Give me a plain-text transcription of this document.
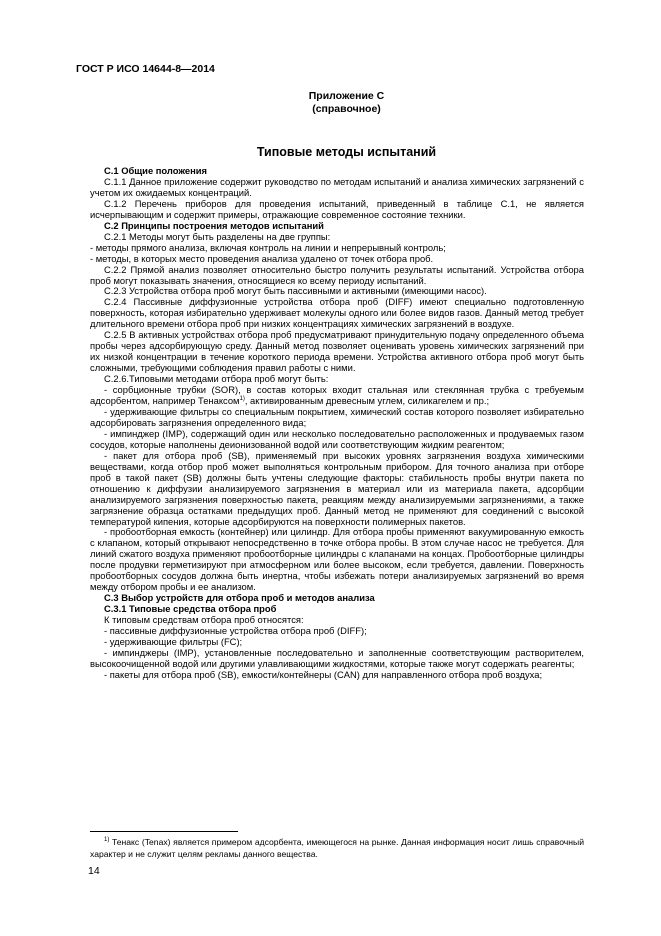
ГОСТ Р ИСО 14644-8—2014
Приложение С
(справочное)
Типовые методы испытаний

С.1 Общие положения

С.1.1 Данное приложение содержит руководство по методам испытаний и анализа химических загрязнений с учетом их ожидаемых концентраций.

С.1.2 Перечень приборов для проведения испытаний, приведенный в таблице С.1, не является исчерпывающим и содержит примеры, отражающие современное состояние техники.

С.2 Принципы построения методов испытаний

С.2.1 Методы могут быть разделены на две группы:

- методы прямого анализа, включая контроль на линии и непрерывный контроль;

- методы, в которых место проведения анализа удалено от точек отбора проб.

С.2.2 Прямой анализ позволяет относительно быстро получить результаты испытаний. Устройства отбора проб могут показывать значения, относящиеся ко всему периоду испытаний.

С.2.3 Устройства отбора проб могут быть пассивными и активными (имеющими насос).

С.2.4 Пассивные диффузионные устройства отбора проб (DIFF) имеют специально подготовленную поверхность, которая избирательно удерживает молекулы одного или более видов газов. Данный метод требует длительного времени отбора проб при низких концентрациях химических загрязнений в воздухе.

С.2.5 В активных устройствах отбора проб предусматривают принудительную подачу определенного объема пробы через адсорбирующую среду. Данный метод позволяет оценивать уровень химических загрязнений при их низкой концентрации в течение короткого периода времени. Устройства активного отбора проб могут быть сложными, требующими соблюдения правил работы с ними.

С.2.6.Типовыми методами отбора проб могут быть:

- сорбционные трубки (SOR), в состав которых входит стальная или стеклянная трубка с требуемым адсорбентом, например Тенаксом$^{1)}$, активированным древесным углем, силикагелем и пр.;

- удерживающие фильтры со специальным покрытием, химический состав которого позволяет избирательно адсорбировать загрязнения определенного вида;

- импинджер (IMP), содержащий один или несколько последовательно расположенных и продуваемых газом сосудов, которые наполнены деионизованной водой или соответствующим жидким реагентом;

- пакет для отбора проб (SB), применяемый при высоких уровнях загрязнения воздуха химическими веществами, когда отбор проб может выполняться контрольным прибором. Для точного анализа при отборе проб в такой пакет (SB) должны быть учтены следующие факторы: стабильность пробы внутри пакета по отношению к диффузии анализируемого загрязнения в материал или из материала пакета, адсорбции анализируемого загрязнения поверхностью пакета, реакциям между анализируемыми загрязнениями, а также загрязнение образца остатками предыдущих проб. Данный метод не применяют для соединений с высокой температурой кипения, которые адсорбируются на поверхности полимерных пакетов.

- пробоотборная емкость (контейнер) или цилиндр. Для отбора пробы применяют вакуумированную емкость с клапаном, который открывают непосредственно в точке отбора пробы. В этом случае насос не требуется. Для линий сжатого воздуха применяют пробоотборные цилиндры с клапанами на концах. Пробоотборные цилиндры после продувки герметизируют при атмосферном или более высоком, если требуется, давлении. Поверхность пробоотборных сосудов должна быть инертна, чтобы избежать потери анализируемых загрязнений во время между отбором пробы и ее анализом.

С.3 Выбор устройств для отбора проб и методов анализа

С.3.1 Типовые средства отбора проб

К типовым средствам отбора проб относятся:

- пассивные диффузионные устройства отбора проб (DIFF);

- удерживающие фильтры (FC);

- импинджеры (IMP), установленные последовательно и заполненные соответствующим растворителем, высокоочищенной водой или другими улавливающими жидкостями, которые также могут содержать реагенты;

- пакеты для отбора проб (SB), емкости/контейнеры (CAN) для направленного отбора проб воздуха;

$^{1)}$ Тенакс (Tenax) является примером адсорбента, имеющегося на рынке. Данная информация носит лишь справочный характер и не служит целям рекламы данного вещества.

14
